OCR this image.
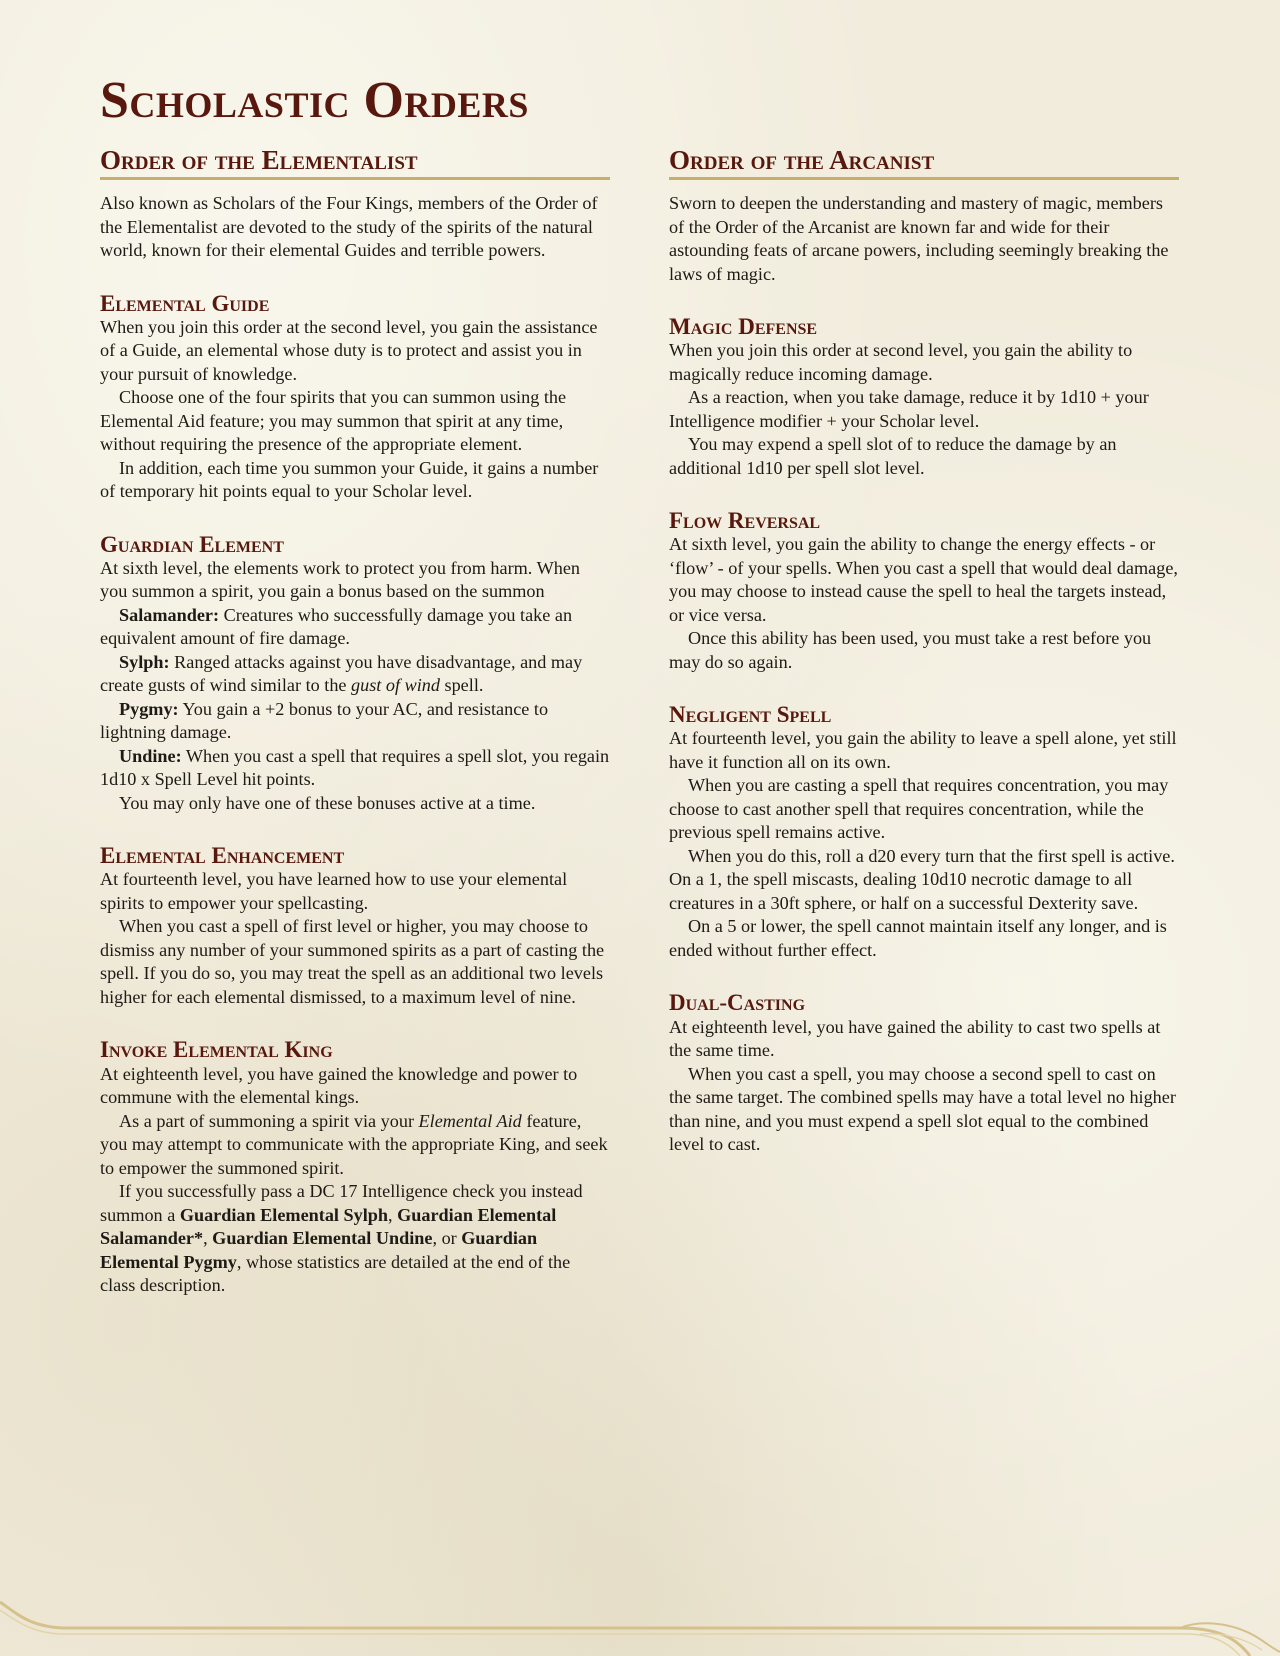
Scholastic Orders
Order of the Elementalist

Also known as Scholars of the Four Kings, members of the Order of the Elementalist are devoted to the study of the spirits of the natural world, known for their elemental Guides and terrible powers.

Elemental Guide

When you join this order at the second level, you gain the assistance of a Guide, an elemental whose duty is to protect and assist you in your pursuit of knowledge.

Choose one of the four spirits that you can summon using the Elemental Aid feature; you may summon that spirit at any time, without requiring the presence of the appropriate element.

In addition, each time you summon your Guide, it gains a number of temporary hit points equal to your Scholar level.

Guardian Element

At sixth level, the elements work to protect you from harm. When you summon a spirit, you gain a bonus based on the summon

Salamander: Creatures who successfully damage you take an equivalent amount of fire damage.

Sylph: Ranged attacks against you have disadvantage, and may create gusts of wind similar to the gust of wind spell.

Pygmy: You gain a +2 bonus to your AC, and resistance to lightning damage.

Undine: When you cast a spell that requires a spell slot, you regain 1d10 x Spell Level hit points.

You may only have one of these bonuses active at a time.

Elemental Enhancement

At fourteenth level, you have learned how to use your elemental spirits to empower your spellcasting.

When you cast a spell of first level or higher, you may choose to dismiss any number of your summoned spirits as a part of casting the spell. If you do so, you may treat the spell as an additional two levels higher for each elemental dismissed, to a maximum level of nine.

Invoke Elemental King

At eighteenth level, you have gained the knowledge and power to commune with the elemental kings.

As a part of summoning a spirit via your Elemental Aid feature, you may attempt to communicate with the appropriate King, and seek to empower the summoned spirit.

If you successfully pass a DC 17 Intelligence check you instead summon a Guardian Elemental Sylph, Guardian Elemental Salamander*, Guardian Elemental Undine, or Guardian Elemental Pygmy, whose statistics are detailed at the end of the class description.

Order of the Arcanist

Sworn to deepen the understanding and mastery of magic, members of the Order of the Arcanist are known far and wide for their astounding feats of arcane powers, including seemingly breaking the laws of magic.

Magic Defense

When you join this order at second level, you gain the ability to magically reduce incoming damage.

As a reaction, when you take damage, reduce it by 1d10 + your Intelligence modifier + your Scholar level.

You may expend a spell slot of to reduce the damage by an additional 1d10 per spell slot level.

Flow Reversal

At sixth level, you gain the ability to change the energy effects - or ‘flow’ - of your spells. When you cast a spell that would deal damage, you may choose to instead cause the spell to heal the targets instead, or vice versa.

Once this ability has been used, you must take a rest before you may do so again.

Negligent Spell

At fourteenth level, you gain the ability to leave a spell alone, yet still have it function all on its own.

When you are casting a spell that requires concentration, you may choose to cast another spell that requires concentration, while the previous spell remains active.

When you do this, roll a d20 every turn that the first spell is active. On a 1, the spell miscasts, dealing 10d10 necrotic damage to all creatures in a 30ft sphere, or half on a successful Dexterity save.

On a 5 or lower, the spell cannot maintain itself any longer, and is ended without further effect.

Dual-Casting

At eighteenth level, you have gained the ability to cast two spells at the same time.

When you cast a spell, you may choose a second spell to cast on the same target. The combined spells may have a total level no higher than nine, and you must expend a spell slot equal to the combined level to cast.
